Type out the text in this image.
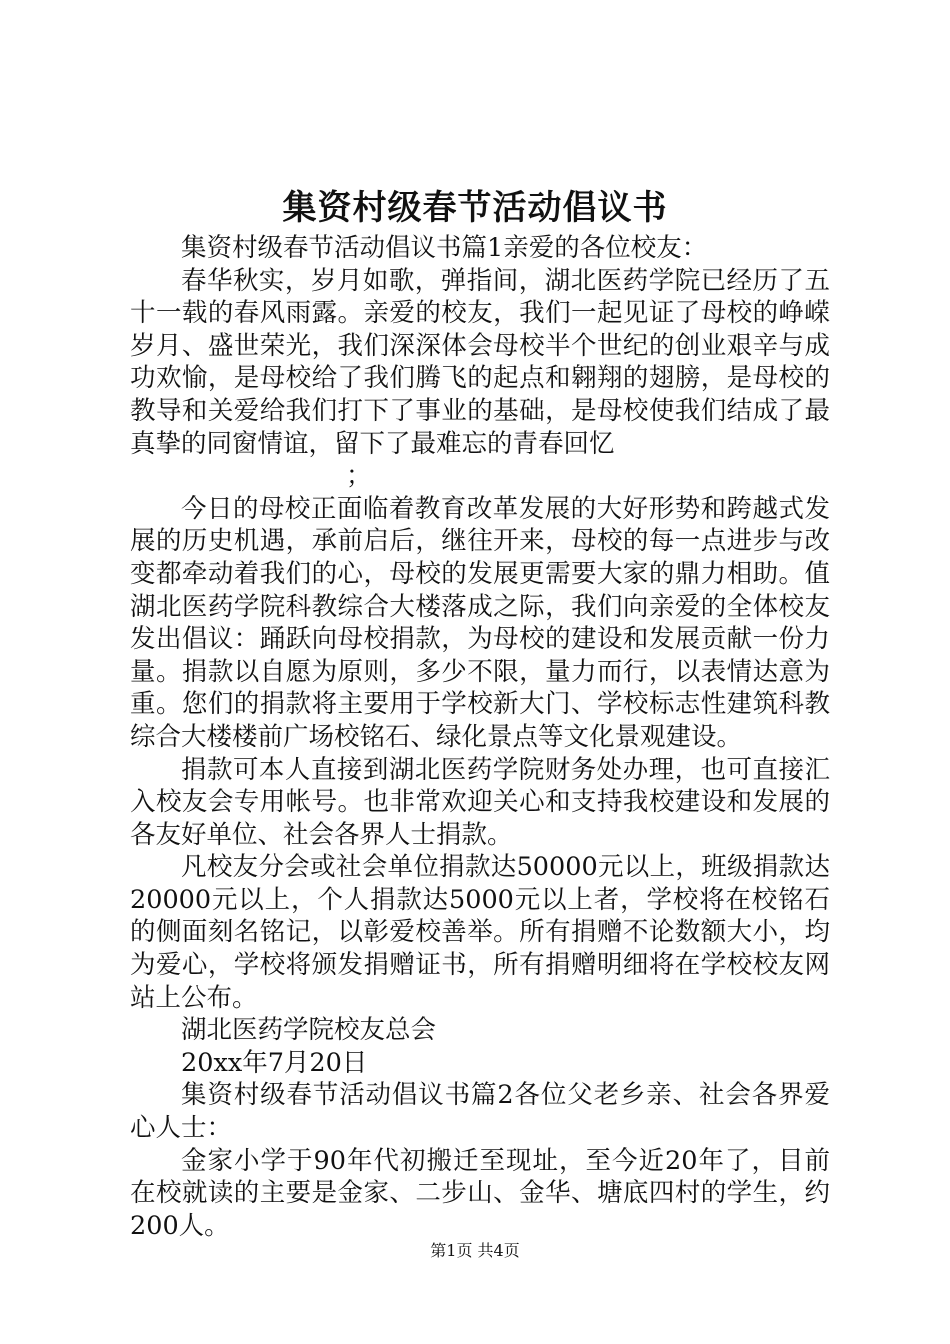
集资村级春节活动倡议书

集资村级春节活动倡议书篇1亲爱的各位校友：

春华秋实，岁月如歌，弹指间，湖北医药学院已经历了五十一载的春风雨露。亲爱的校友，我们一起见证了母校的峥嵘岁月、盛世荣光，我们深深体会母校半个世纪的创业艰辛与成功欢愉，是母校给了我们腾飞的起点和翱翔的翅膀，是母校的教导和关爱给我们打下了事业的基础，是母校使我们结成了最真挚的同窗情谊，留下了最难忘的青春回忆

；

今日的母校正面临着教育改革发展的大好形势和跨越式发展的历史机遇，承前启后，继往开来，母校的每一点进步与改变都牵动着我们的心，母校的发展更需要大家的鼎力相助。值湖北医药学院科教综合大楼落成之际，我们向亲爱的全体校友发出倡议：踊跃向母校捐款，为母校的建设和发展贡献一份力量。捐款以自愿为原则，多少不限，量力而行，以表情达意为重。您们的捐款将主要用于学校新大门、学校标志性建筑科教综合大楼楼前广场校铭石、绿化景点等文化景观建设。

捐款可本人直接到湖北医药学院财务处办理，也可直接汇入校友会专用帐号。也非常欢迎关心和支持我校建设和发展的各友好单位、社会各界人士捐款。

凡校友分会或社会单位捐款达50000元以上，班级捐款达20000元以上，个人捐款达5000元以上者，学校将在校铭石的侧面刻名铭记，以彰爱校善举。所有捐赠不论数额大小，均为爱心，学校将颁发捐赠证书，所有捐赠明细将在学校校友网站上公布。

湖北医药学院校友总会

20xx年7月20日

集资村级春节活动倡议书篇2各位父老乡亲、社会各界爱心人士：

金家小学于90年代初搬迁至现址，至今近20年了，目前在校就读的主要是金家、二步山、金华、塘底四村的学生，约200人。

第1页 共4页
